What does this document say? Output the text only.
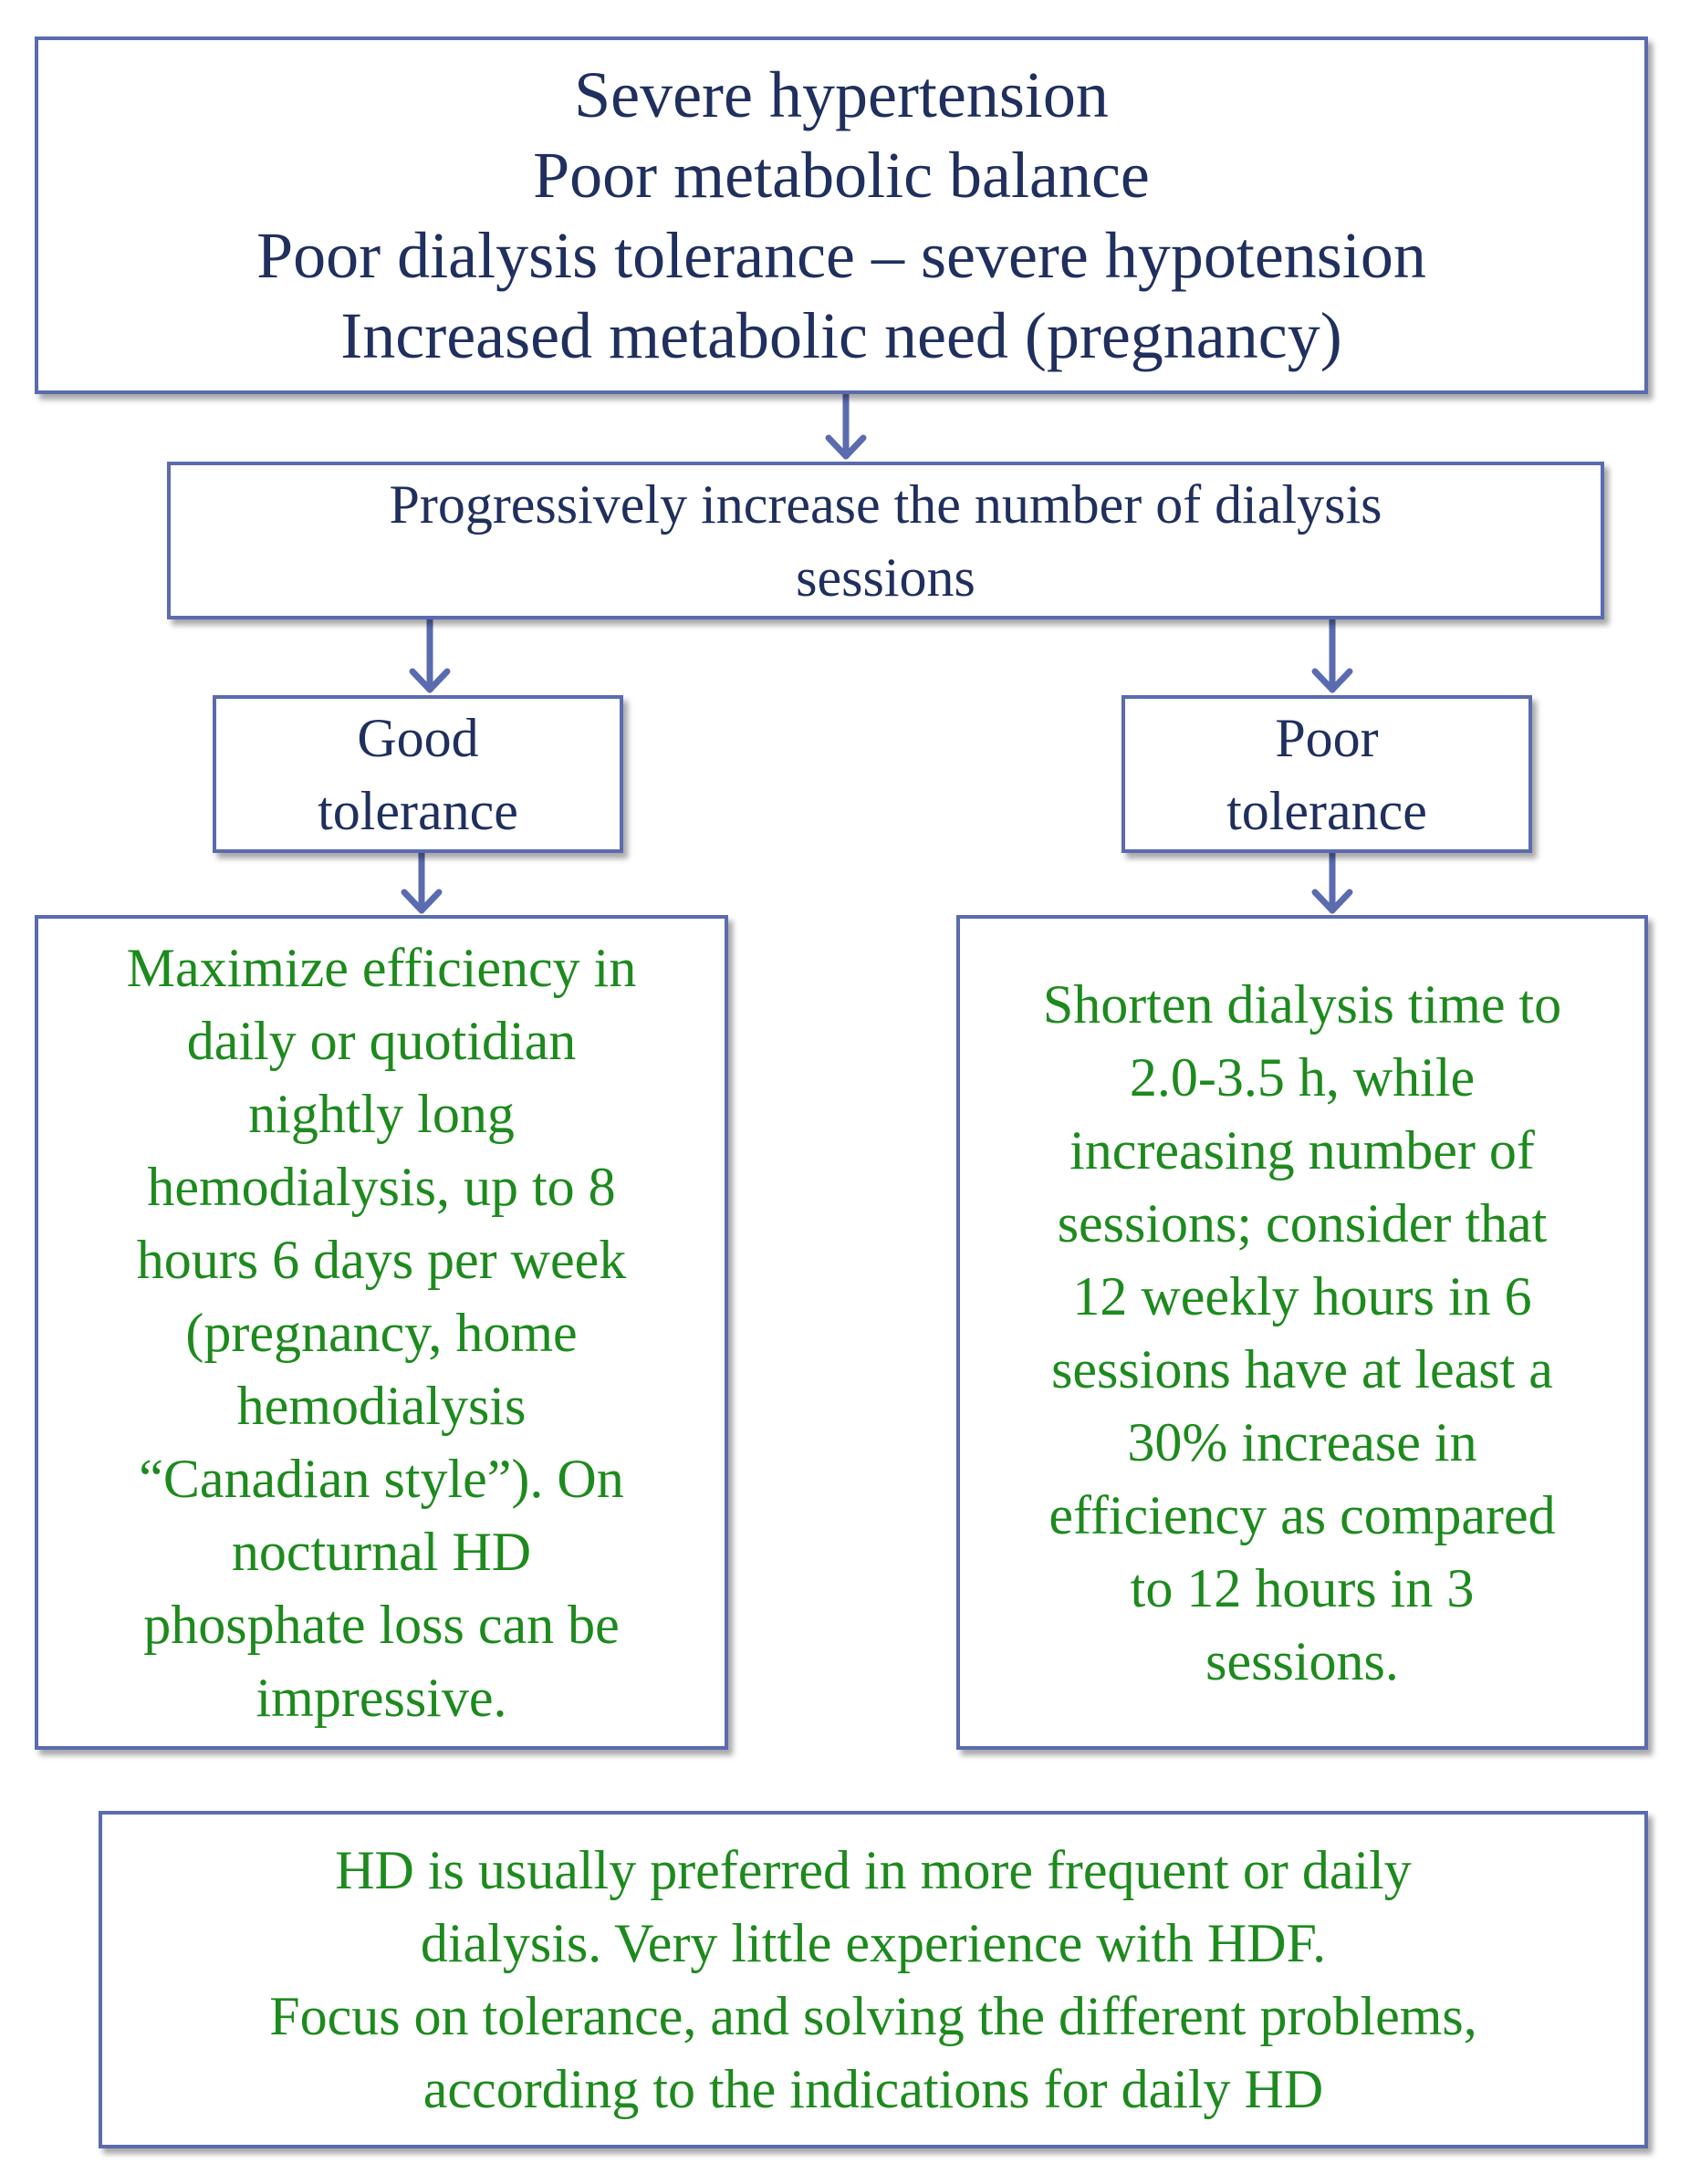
Severe hypertension
Poor metabolic balance
Poor dialysis tolerance – severe hypotension
Increased metabolic need (pregnancy)
Progressively increase the number of dialysis
sessions
Good
tolerance
Poor
tolerance
Maximize efficiency in
daily or quotidian
nightly long
hemodialysis, up to 8
hours 6 days per week
(pregnancy, home
hemodialysis
“Canadian style”). On
nocturnal HD
phosphate loss can be
impressive.
Shorten dialysis time to
2.0-3.5 h, while
increasing number of
sessions; consider that
12 weekly hours in 6
sessions have at least a
30% increase in
efficiency as compared
to 12 hours in 3
sessions.
HD is usually preferred in more frequent or daily
dialysis. Very little experience with HDF.
Focus on tolerance, and solving the different problems,
according to the indications for daily HD
